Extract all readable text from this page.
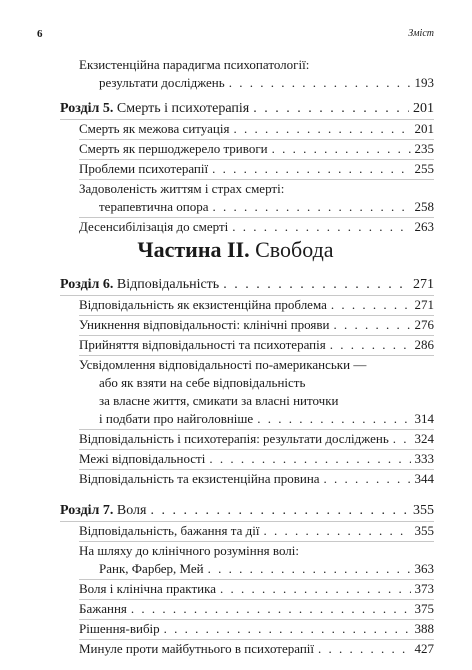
6	Зміст
Екзистенційна парадигма психопатології:
результати досліджень . . .	193
Розділ 5. Смерть і психотерапія . . .	201
Смерть як межова ситуація . . .	201
Смерть як першоджерело тривоги . . .	235
Проблеми психотерапії . . .	255
Задоволеність життям і страх смерті:
терапевтична опора . . .	258
Десенсибілізація до смерті . . .	263
Частина II. Свобода
Розділ 6. Відповідальність . . .	271
Відповідальність як екзистенційна проблема . . .	271
Уникнення відповідальності: клінічні прояви . . .	276
Прийняття відповідальності та психотерапія . . .	286
Усвідомлення відповідальності по-американськи —
або як взяти на себе відповідальність
за власне життя, смикати за власні ниточки
і подбати про найголовніше . . .	314
Відповідальність і психотерапія: результати досліджень . . . 324
Межі відповідальності . . .	333
Відповідальність та екзистенційна провина . . .	344
Розділ 7. Воля . . .	355
Відповідальність, бажання та дії . . .	355
На шляху до клінічного розуміння волі:
Ранк, Фарбер, Мей . . .	363
Воля і клінічна практика . . .	373
Бажання . . .	375
Рішення-вибір . . .	388
Минуле проти майбутнього в психотерапії . . .	427
